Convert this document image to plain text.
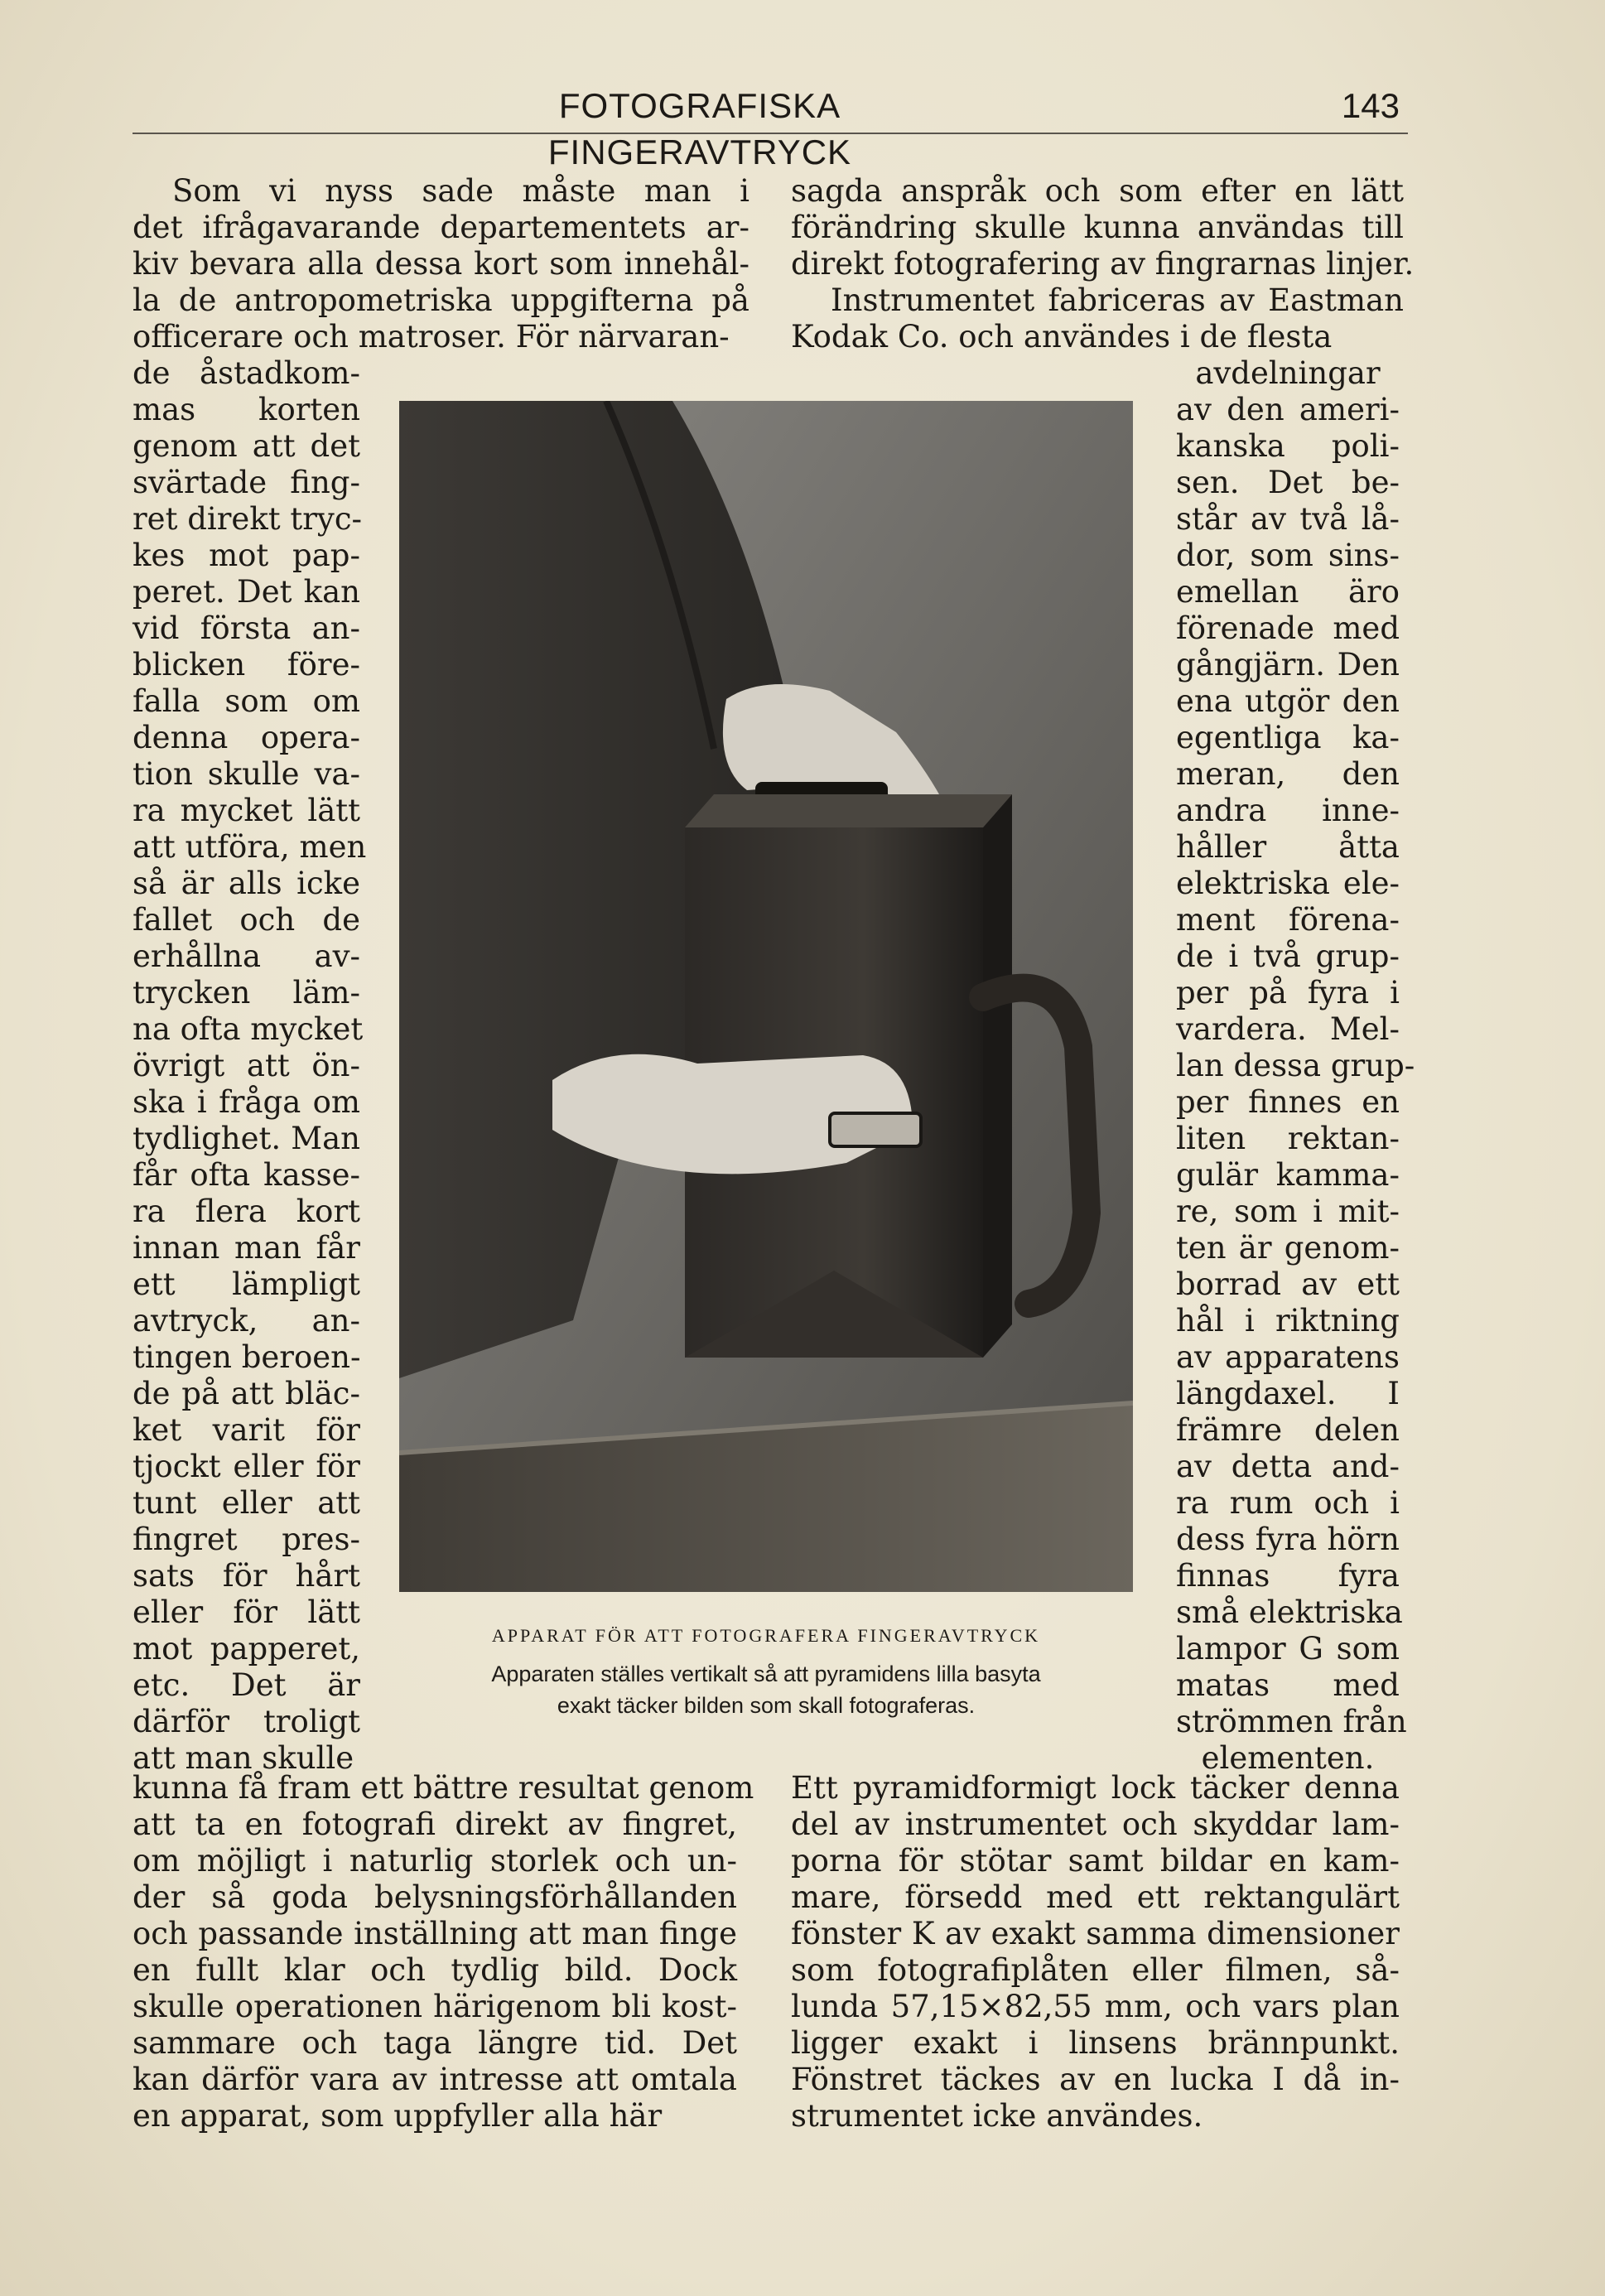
FOTOGRAFISKA FINGERAVTRYCK
143
Som vi nyss sade måste man i
det ifrågavarande departementets ar-
kiv bevara alla dessa kort som innehål-
la de antropometriska uppgifterna på
officerare och matroser. För närvaran-
de åstadkom-
mas korten
genom att det
svärtade fing-
ret direkt tryc-
kes mot pap-
peret. Det kan
vid första an-
blicken före-
falla som om
denna opera-
tion skulle va-
ra mycket lätt
att utföra, men
så är alls icke
fallet och de
erhållna av-
trycken läm-
na ofta mycket
övrigt att ön-
ska i fråga om
tydlighet. Man
får ofta kasse-
ra flera kort
innan man får
ett lämpligt
avtryck, an-
tingen beroen-
de på att bläc-
ket varit för
tjockt eller för
tunt eller att
fingret pres-
sats för hårt
eller för lätt
mot papperet,
etc. Det är
därför troligt
att man skulle
kunna få fram ett bättre resultat genom
att ta en fotografi direkt av fingret,
om möjligt i naturlig storlek och un-
der så goda belysningsförhållanden
och passande inställning att man finge
en fullt klar och tydlig bild. Dock
skulle operationen härigenom bli kost-
sammare och taga längre tid. Det
kan därför vara av intresse att omtala
en apparat, som uppfyller alla här
sagda anspråk och som efter en lätt
förändring skulle kunna användas till
direkt fotografering av fingrarnas linjer.
Instrumentet fabriceras av Eastman
Kodak Co. och användes i de flesta
avdelningar
av den ameri-
kanska poli-
sen. Det be-
står av två lå-
dor, som sins-
emellan äro
förenade med
gångjärn. Den
ena utgör den
egentliga ka-
meran, den
andra inne-
håller åtta
elektriska ele-
ment förena-
de i två grup-
per på fyra i
vardera. Mel-
lan dessa grup-
per finnes en
liten rektan-
gulär kamma-
re, som i mit-
ten är genom-
borrad av ett
hål i riktning
av apparatens
längdaxel. I
främre delen
av detta and-
ra rum och i
dess fyra hörn
finnas fyra
små elektriska
lampor G som
matas med
strömmen från
elementen.
Ett pyramidformigt lock täcker denna
del av instrumentet och skyddar lam-
porna för stötar samt bildar en kam-
mare, försedd med ett rektangulärt
fönster K av exakt samma dimensioner
som fotografiplåten eller filmen, så-
lunda 57,15×82,55 mm, och vars plan
ligger exakt i linsens brännpunkt.
Fönstret täckes av en lucka I då in-
strumentet icke användes.
APPARAT FÖR ATT FOTOGRAFERA FINGERAVTRYCK
Apparaten ställes vertikalt så att pyramidens lilla basyta
exakt täcker bilden som skall fotograferas.
